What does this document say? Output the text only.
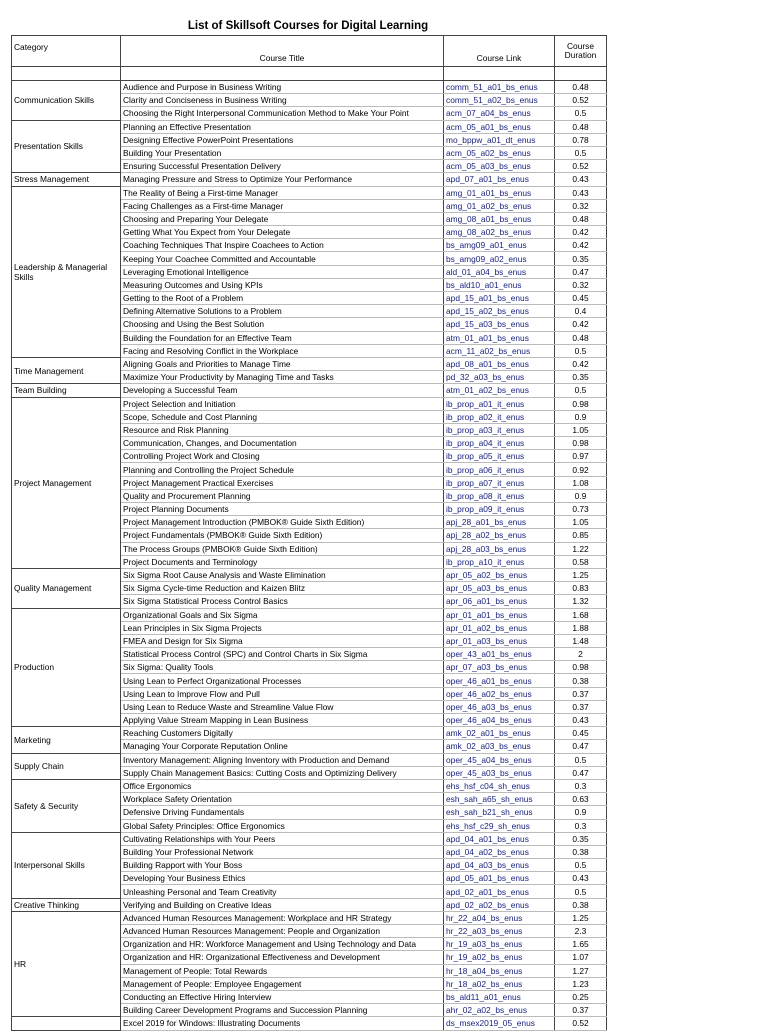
List of Skillsoft Courses for Digital Learning
Category	Course Title	Course Link	Course
Duration

Communication Skills	Audience and Purpose in Business Writing	comm_51_a01_bs_enus	0.48
	Clarity and Conciseness in Business Writing	comm_51_a02_bs_enus	0.52
	Choosing the Right Interpersonal Communication Method to Make Your Point	acm_07_a04_bs_enus	0.5
Presentation Skills	Planning an Effective Presentation	acm_05_a01_bs_enus	0.48
	Designing Effective PowerPoint Presentations	mo_bppw_a01_dt_enus	0.78
	Building Your Presentation	acm_05_a02_bs_enus	0.5
	Ensuring Successful Presentation Delivery	acm_05_a03_bs_enus	0.52
Stress Management	Managing Pressure and Stress to Optimize Your Performance	apd_07_a01_bs_enus	0.43
Leadership & Managerial Skills	The Reality of Being a First-time Manager	amg_01_a01_bs_enus	0.43
	Facing Challenges as a First-time Manager	amg_01_a02_bs_enus	0.32
	Choosing and Preparing Your Delegate	amg_08_a01_bs_enus	0.48
	Getting What You Expect from Your Delegate	amg_08_a02_bs_enus	0.42
	Coaching Techniques That Inspire Coachees to Action	bs_amg09_a01_enus	0.42
	Keeping Your Coachee Committed and Accountable	bs_amg09_a02_enus	0.35
	Leveraging Emotional Intelligence	ald_01_a04_bs_enus	0.47
	Measuring Outcomes and Using KPIs	bs_ald10_a01_enus	0.32
	Getting to the Root of a Problem	apd_15_a01_bs_enus	0.45
	Defining Alternative Solutions to a Problem	apd_15_a02_bs_enus	0.4
	Choosing and Using the Best Solution	apd_15_a03_bs_enus	0.42
	Building the Foundation for an Effective Team	atm_01_a01_bs_enus	0.48
	Facing and Resolving Conflict in the Workplace	acm_11_a02_bs_enus	0.5
Time Management	Aligning Goals and Priorities to Manage Time	apd_08_a01_bs_enus	0.42
	Maximize Your Productivity by Managing Time and Tasks	pd_32_a03_bs_enus	0.35
Team Building	Developing a Successful Team	atm_01_a02_bs_enus	0.5
Project Management	Project Selection and Initiation	ib_prop_a01_it_enus	0.98
	Scope, Schedule and Cost Planning	ib_prop_a02_it_enus	0.9
	Resource and Risk Planning	ib_prop_a03_it_enus	1.05
	Communication, Changes, and Documentation	ib_prop_a04_it_enus	0.98
	Controlling Project Work and Closing	ib_prop_a05_it_enus	0.97
	Planning and Controlling the Project Schedule	ib_prop_a06_it_enus	0.92
	Project Management Practical Exercises	ib_prop_a07_it_enus	1.08
	Quality and Procurement Planning	ib_prop_a08_it_enus	0.9
	Project Planning Documents	ib_prop_a09_it_enus	0.73
	Project Management Introduction (PMBOK® Guide Sixth Edition)	apj_28_a01_bs_enus	1.05
	Project Fundamentals (PMBOK® Guide Sixth Edition)	apj_28_a02_bs_enus	0.85
	The Process Groups (PMBOK® Guide Sixth Edition)	apj_28_a03_bs_enus	1.22
	Project Documents and Terminology	ib_prop_a10_it_enus	0.58
Quality Management	Six Sigma Root Cause Analysis and Waste Elimination	apr_05_a02_bs_enus	1.25
	Six Sigma Cycle-time Reduction and Kaizen Blitz	apr_05_a03_bs_enus	0.83
	Six Sigma Statistical Process Control Basics	apr_06_a01_bs_enus	1.32
Production	Organizational Goals and Six Sigma	apr_01_a01_bs_enus	1.68
	Lean Principles in Six Sigma Projects	apr_01_a02_bs_enus	1.88
	FMEA and Design for Six Sigma	apr_01_a03_bs_enus	1.48
	Statistical Process Control (SPC) and Control Charts in Six Sigma	oper_43_a01_bs_enus	2
	Six Sigma: Quality Tools	apr_07_a03_bs_enus	0.98
	Using Lean to Perfect Organizational Processes	oper_46_a01_bs_enus	0.38
	Using Lean to Improve Flow and Pull	oper_46_a02_bs_enus	0.37
	Using Lean to Reduce Waste and Streamline Value Flow	oper_46_a03_bs_enus	0.37
	Applying Value Stream Mapping in Lean Business	oper_46_a04_bs_enus	0.43
Marketing	Reaching Customers Digitally	amk_02_a01_bs_enus	0.45
	Managing Your Corporate Reputation Online	amk_02_a03_bs_enus	0.47
Supply Chain	Inventory Management: Aligning Inventory with Production and Demand	oper_45_a04_bs_enus	0.5
	Supply Chain Management Basics: Cutting Costs and Optimizing Delivery	oper_45_a03_bs_enus	0.47
Safety & Security	Office Ergonomics	ehs_hsf_c04_sh_enus	0.3
	Workplace Safety Orientation	esh_sah_a65_sh_enus	0.63
	Defensive Driving Fundamentals	esh_sah_b21_sh_enus	0.9
	Global Safety Principles: Office Ergonomics	ehs_hsf_c29_sh_enus	0.3
Interpersonal Skills	Cultivating Relationships with Your Peers	apd_04_a01_bs_enus	0.35
	Building Your Professional Network	apd_04_a02_bs_enus	0.38
	Building Rapport with Your Boss	apd_04_a03_bs_enus	0.5
	Developing Your Business Ethics	apd_05_a01_bs_enus	0.43
	Unleashing Personal and Team Creativity	apd_02_a01_bs_enus	0.5
Creative Thinking	Verifying and Building on Creative Ideas	apd_02_a02_bs_enus	0.38
HR	Advanced Human Resources Management: Workplace and HR Strategy	hr_22_a04_bs_enus	1.25
	Advanced Human Resources Management: People and Organization	hr_22_a03_bs_enus	2.3
	Organization and HR: Workforce Management and Using Technology and Data	hr_19_a03_bs_enus	1.65
	Organization and HR: Organizational Effectiveness and Development	hr_19_a02_bs_enus	1.07
	Management of People: Total Rewards	hr_18_a04_bs_enus	1.27
	Management of People: Employee Engagement	hr_18_a02_bs_enus	1.23
	Conducting an Effective Hiring Interview	bs_ald11_a01_enus	0.25
	Building Career Development Programs and Succession Planning	ahr_02_a02_bs_enus	0.37
	Excel 2019 for Windows: Illustrating Documents	ds_msex2019_05_enus	0.52
